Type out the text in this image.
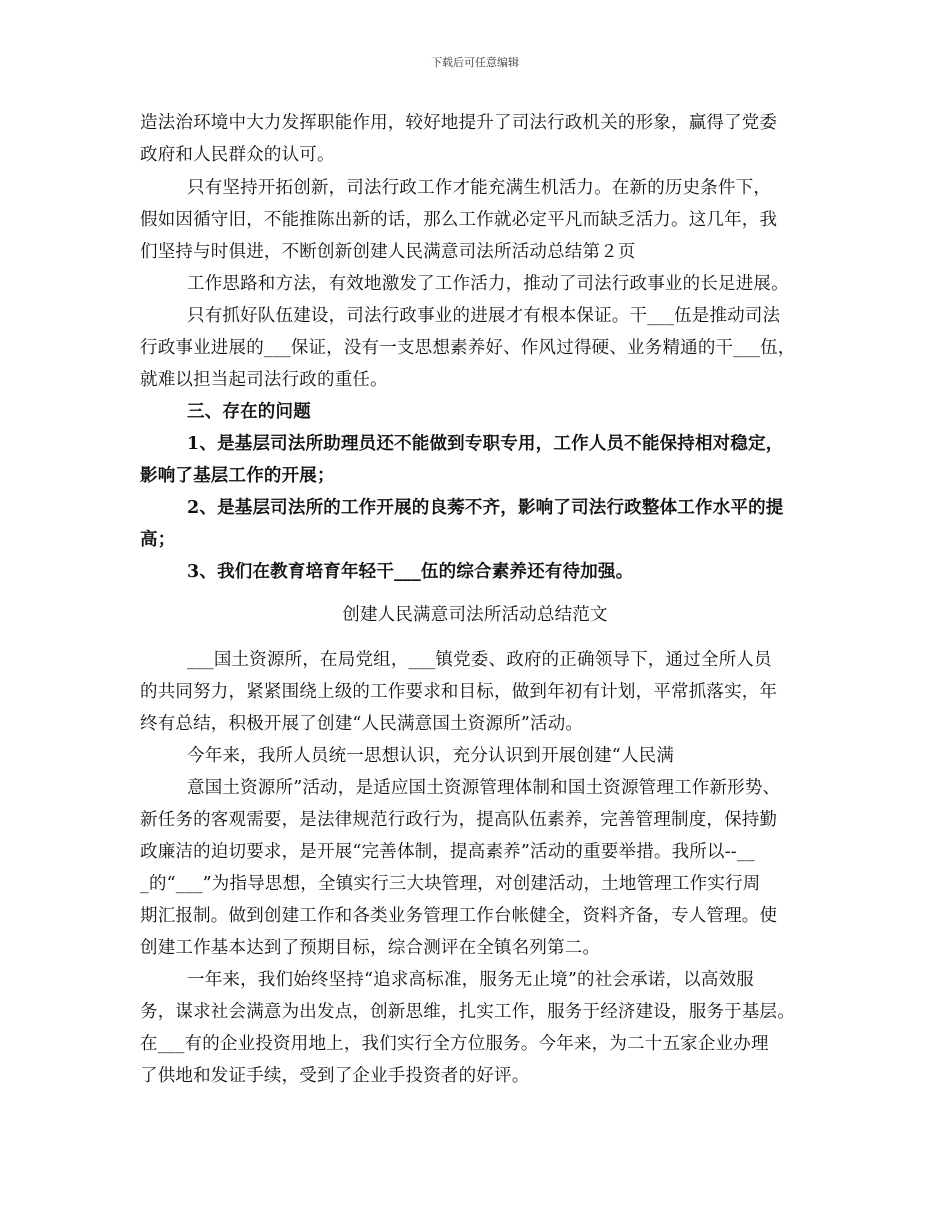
下载后可任意编辑
造法治环境中大力发挥职能作用，较好地提升了司法行政机关的形象，赢得了党委
政府和人民群众的认可。
只有坚持开拓创新，司法行政工作才能充满生机活力。在新的历史条件下，
假如因循守旧，不能推陈出新的话，那么工作就必定平凡而缺乏活力。这几年，我
们坚持与时俱进，不断创新创建人民满意司法所活动总结第２页
工作思路和方法，有效地激发了工作活力，推动了司法行政事业的长足进展。
只有抓好队伍建设，司法行政事业的进展才有根本保证。干___伍是推动司法
行政事业进展的___保证，没有一支思想素养好、作风过得硬、业务精通的干___伍，
就难以担当起司法行政的重任。
三、存在的问题
1、是基层司法所助理员还不能做到专职专用，工作人员不能保持相对稳定，
影响了基层工作的开展；
2、是基层司法所的工作开展的良莠不齐，影响了司法行政整体工作水平的提
高；
3、我们在教育培育年轻干___伍的综合素养还有待加强。
创建人民满意司法所活动总结范文
___国土资源所，在局党组，___镇党委、政府的正确领导下，通过全所人员
的共同努力，紧紧围绕上级的工作要求和目标，做到年初有计划，平常抓落实，年
终有总结，积极开展了创建“人民满意国土资源所”活动。
今年来，我所人员统一思想认识，充分认识到开展创建“人民满
意国土资源所”活动，是适应国土资源管理体制和国土资源管理工作新形势、
新任务的客观需要，是法律规范行政行为，提高队伍素养，完善管理制度，保持勤
政廉洁的迫切要求，是开展“完善体制，提高素养”活动的重要举措。我所以--__
_的“___”为指导思想，全镇实行三大块管理，对创建活动，土地管理工作实行周
期汇报制。做到创建工作和各类业务管理工作台帐健全，资料齐备，专人管理。使
创建工作基本达到了预期目标，综合测评在全镇名列第二。
一年来，我们始终坚持“追求高标准，服务无止境”的社会承诺，以高效服
务，谋求社会满意为出发点，创新思维，扎实工作，服务于经济建设，服务于基层。
在___有的企业投资用地上，我们实行全方位服务。今年来，为二十五家企业办理
了供地和发证手续，受到了企业手投资者的好评。
